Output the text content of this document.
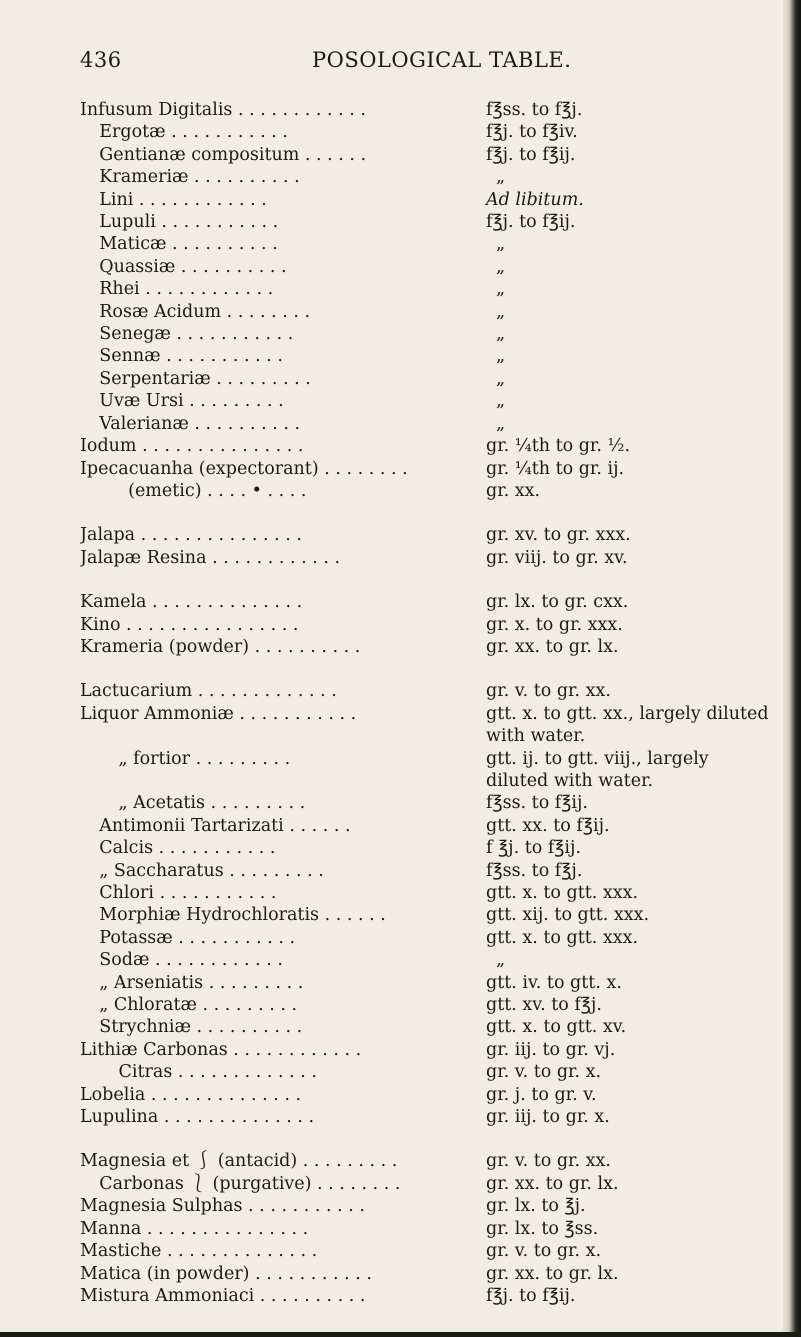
436	POSOLOGICAL TABLE.
Infusum Digitalis . . . . . . . . . . . .	f℥ss. to f℥j.
Ergotæ . . . . . . . . . . .	f℥j. to f℥iv.
Gentianæ compositum . . . . . .	f℥j. to f℥ij.
Krameriæ . . . . . . . . . .	„
Lini . . . . . . . . . . . .	Ad libitum.
Lupuli . . . . . . . . . . .	f℥j. to f℥ij.
Maticæ . . . . . . . . . .	„
Quassiæ . . . . . . . . . .	„
Rhei . . . . . . . . . . . .	„
Rosæ Acidum . . . . . . . .	„
Senegæ . . . . . . . . . . .	„
Sennæ . . . . . . . . . . .	„
Serpentariæ . . . . . . . . .	„
Uvæ Ursi . . . . . . . . .	„
Valerianæ . . . . . . . . . .	„
Iodum . . . . . . . . . . . . . . .	gr. ¼th to gr. ½.
Ipecacuanha (expectorant) . . . . . . . .	gr. ¼th to gr. ij.
(emetic) . . . . • . . . .	gr. xx.
Jalapa . . . . . . . . . . . . . . .	gr. xv. to gr. xxx.
Jalapæ Resina . . . . . . . . . . . .	gr. viij. to gr. xv.
Kamela . . . . . . . . . . . . . .	gr. lx. to gr. cxx.
Kino . . . . . . . . . . . . . . . .	gr. x. to gr. xxx.
Krameria (powder) . . . . . . . . . .	gr. xx. to gr. lx.
Lactucarium . . . . . . . . . . . . .	gr. v. to gr. xx.
Liquor Ammoniæ . . . . . . . . . . .	gtt. x. to gtt. xx., largely diluted with water.
„ fortior . . . . . . . . .	gtt. ij. to gtt. viij., largely diluted with water.
„ Acetatis . . . . . . . . .	f℥ss. to f℥ij.
Antimonii Tartarizati . . . . . .	gtt. xx. to f℥ij.
Calcis . . . . . . . . . . .	f ℥j. to f℥ij.
„ Saccharatus . . . . . . . . .	f℥ss. to f℥j.
Chlori . . . . . . . . . . .	gtt. x. to gtt. xxx.
Morphiæ Hydrochloratis . . . . . .	gtt. xij. to gtt. xxx.
Potassæ . . . . . . . . . . .	gtt. x. to gtt. xxx.
Sodæ . . . . . . . . . . . .	„
„ Arseniatis . . . . . . . . .	gtt. iv. to gtt. x.
„ Chloratæ . . . . . . . . .	gtt. xv. to f℥j.
Strychniæ . . . . . . . . . .	gtt. x. to gtt. xv.
Lithiæ Carbonas . . . . . . . . . . . .	gr. iij. to gr. vj.
Citras . . . . . . . . . . . . .	gr. v. to gr. x.
Lobelia . . . . . . . . . . . . . .	gr. j. to gr. v.
Lupulina . . . . . . . . . . . . . .	gr. iij. to gr. x.
Magnesia et ⎰ (antacid) . . . . . . . . .	gr. v. to gr. xx.
Carbonas ⎱ (purgative) . . . . . . . .	gr. xx. to gr. lx.
Magnesia Sulphas . . . . . . . . . . .	gr. lx. to ℥j.
Manna . . . . . . . . . . . . . . .	gr. lx. to ℥ss.
Mastiche . . . . . . . . . . . . . .	gr. v. to gr. x.
Matica (in powder) . . . . . . . . . . .	gr. xx. to gr. lx.
Mistura Ammoniaci . . . . . . . . . .	f℥j. to f℥ij.
